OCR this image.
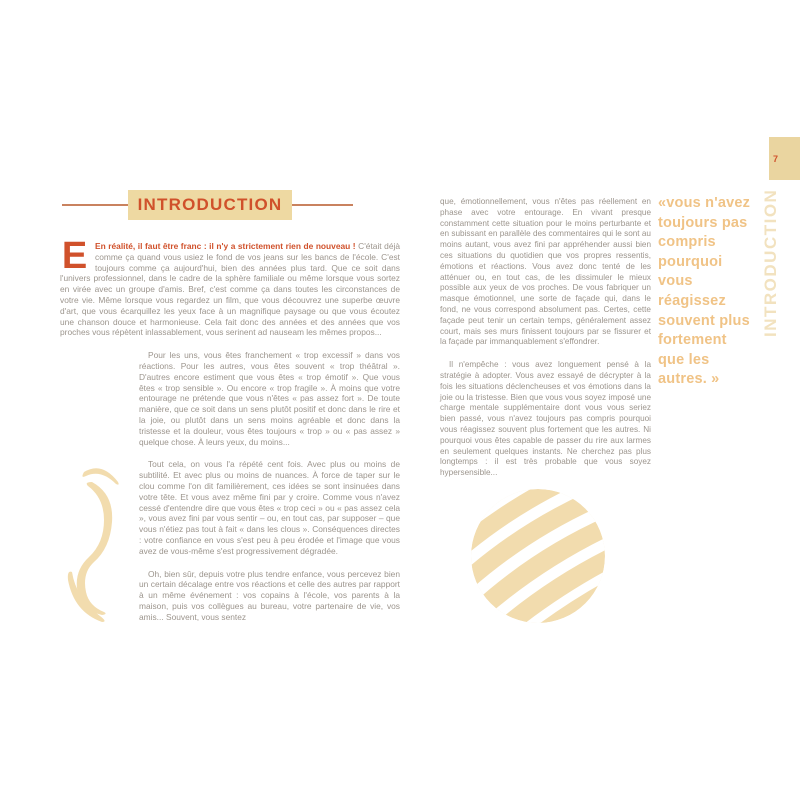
INTRODUCTION

E En réalité, il faut être franc : il n'y a strictement rien de nouveau ! C'était déjà comme ça quand vous usiez le fond de vos jeans sur les bancs de l'école. C'est toujours comme ça aujourd'hui, bien des années plus tard. Que ce soit dans l'univers professionnel, dans le cadre de la sphère familiale ou même lorsque vous sortez en virée avec un groupe d'amis. Bref, c'est comme ça dans toutes les circonstances de votre vie. Même lorsque vous regardez un film, que vous découvrez une superbe œuvre d'art, que vous écarquillez les yeux face à un magnifique paysage ou que vous écoutez une chanson douce et harmonieuse. Cela fait donc des années et des années que vos proches vous répètent inlassablement, vous serinent ad nauseam les mêmes propos...

Pour les uns, vous êtes franchement « trop excessif » dans vos réactions. Pour les autres, vous êtes souvent « trop théâtral ». D'autres encore estiment que vous êtes « trop émotif ». Que vous êtes « trop sensible ». Ou encore « trop fragile ». À moins que votre entourage ne prétende que vous n'êtes « pas assez fort ». De toute manière, que ce soit dans un sens plutôt positif et donc dans le rire et la joie, ou plutôt dans un sens moins agréable et donc dans la tristesse et la douleur, vous êtes toujours « trop » ou « pas assez » quelque chose. À leurs yeux, du moins...

Tout cela, on vous l'a répété cent fois. Avec plus ou moins de subtilité. Et avec plus ou moins de nuances. À force de taper sur le clou comme l'on dit familièrement, ces idées se sont insinuées dans votre tête. Et vous avez même fini par y croire. Comme vous n'avez cessé d'entendre dire que vous êtes « trop ceci » ou « pas assez cela », vous avez fini par vous sentir – ou, en tout cas, par supposer – que vous n'étiez pas tout à fait « dans les clous ». Conséquences directes : votre confiance en vous s'est peu à peu érodée et l'image que vous avez de vous-même s'est progressivement dégradée.

Oh, bien sûr, depuis votre plus tendre enfance, vous percevez bien un certain décalage entre vos réactions et celle des autres par rapport à un même événement : vos copains à l'école, vos parents à la maison, puis vos collègues au bureau, votre partenaire de vie, vos amis... Souvent, vous sentez

que, émotionnellement, vous n'êtes pas réellement en phase avec votre entourage. En vivant presque constamment cette situation pour le moins perturbante et en subissant en parallèle des commentaires qui le sont au moins autant, vous avez fini par appréhender aussi bien ces situations du quotidien que vos propres ressentis, émotions et réactions. Vous avez donc tenté de les atténuer ou, en tout cas, de les dissimuler le mieux possible aux yeux de vos proches. De vous fabriquer un masque émotionnel, une sorte de façade qui, dans le fond, ne vous correspond absolument pas. Certes, cette façade peut tenir un certain temps, généralement assez court, mais ses murs finissent toujours par se fissurer et la façade par immanquablement s'effondrer.

Il n'empêche : vous avez longuement pensé à la stratégie à adopter. Vous avez essayé de décrypter à la fois les situations déclencheuses et vos émotions dans la joie ou la tristesse. Bien que vous vous soyez imposé une charge mentale supplémentaire dont vous vous seriez bien passé, vous n'avez toujours pas compris pourquoi vous réagissez souvent plus fortement que les autres. Ni pourquoi vous êtes capable de passer du rire aux larmes en seulement quelques instants. Ne cherchez pas plus longtemps : il est très probable que vous soyez hypersensible...

«vous n'avez toujours pas compris pourquoi vous réagissez souvent plus fortement que les autres. »
7
INTRODUCTION
